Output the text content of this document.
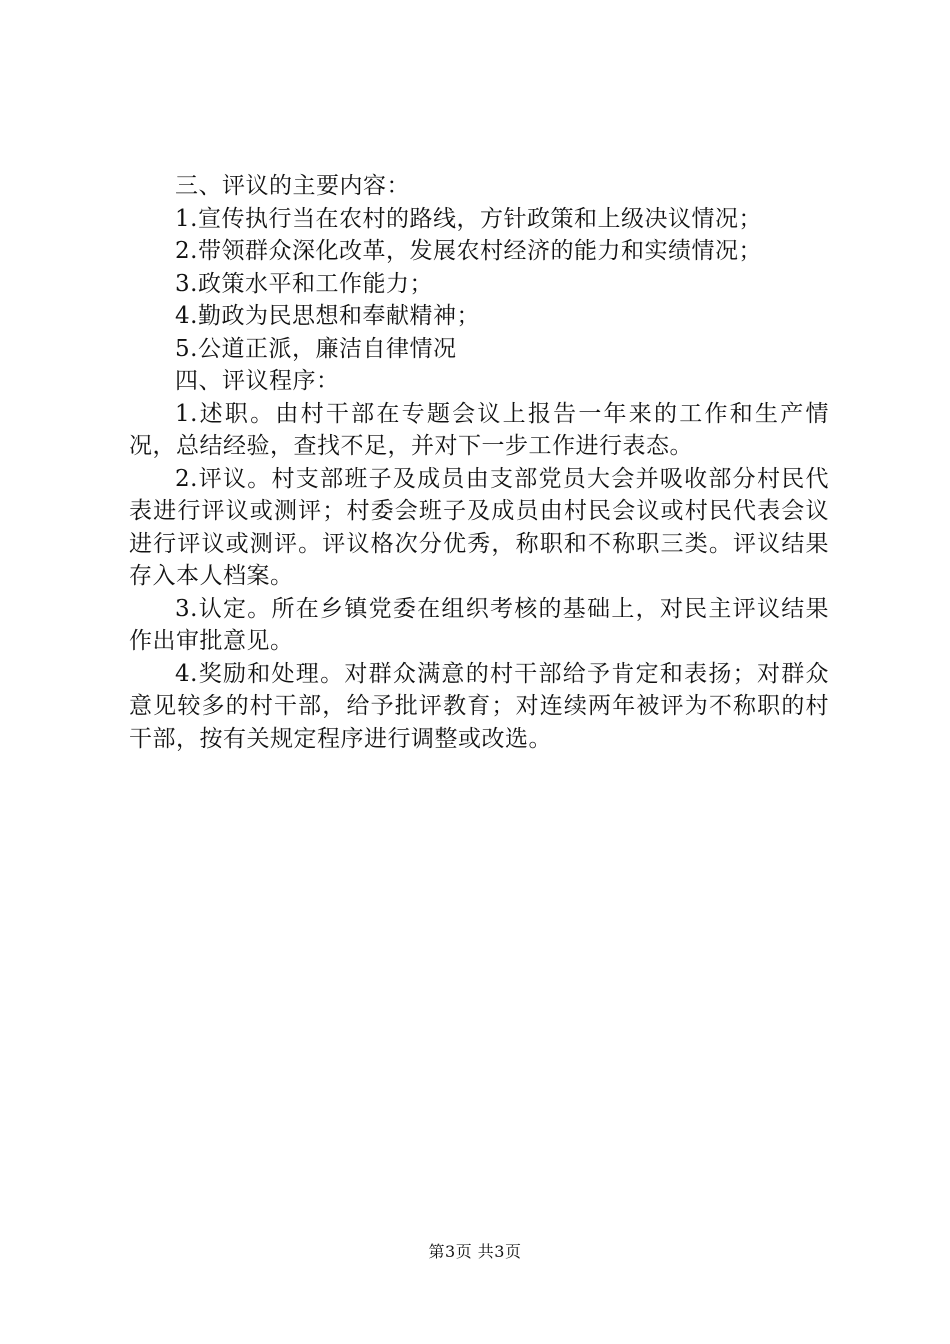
三、评议的主要内容：

1.宣传执行当在农村的路线，方针政策和上级决议情况；

2.带领群众深化改革，发展农村经济的能力和实绩情况；

3.政策水平和工作能力；

4.勤政为民思想和奉献精神；

5.公道正派，廉洁自律情况

四、评议程序：

1.述职。由村干部在专题会议上报告一年来的工作和生产情况，总结经验，查找不足，并对下一步工作进行表态。

2.评议。村支部班子及成员由支部党员大会并吸收部分村民代表进行评议或测评；村委会班子及成员由村民会议或村民代表会议进行评议或测评。评议格次分优秀，称职和不称职三类。评议结果存入本人档案。

3.认定。所在乡镇党委在组织考核的基础上，对民主评议结果作出审批意见。

4.奖励和处理。对群众满意的村干部给予肯定和表扬；对群众意见较多的村干部，给予批评教育；对连续两年被评为不称职的村干部，按有关规定程序进行调整或改选。

第3页 共3页
